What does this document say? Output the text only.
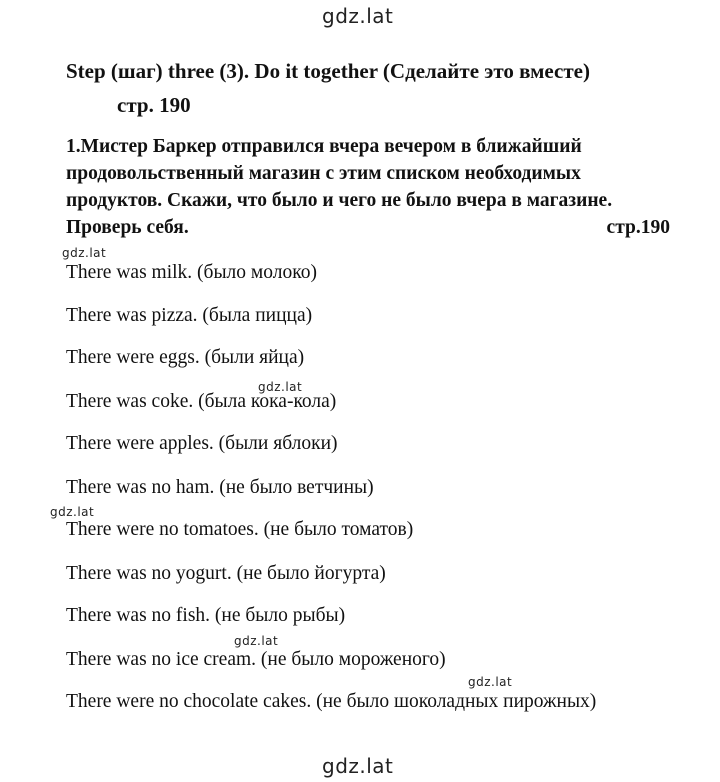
gdz.lat
Step (шаг) three (3). Do it together (Сделайте это вместе)
стр. 190
1.Мистер Баркер отправился вчера вечером в ближайший
продовольственный магазин с этим списком необходимых
продуктов. Скажи, что было и чего не было вчера в магазине.
Проверь себя.	стр.190
gdz.lat
There was milk. (было молоко)
There was pizza. (была пицца)
There were eggs. (были яйца)
gdz.lat
There was coke. (была кока-кола)
There were apples. (были яблоки)
There was no ham. (не было ветчины)
gdz.lat
There were no tomatoes. (не было томатов)
There was no yogurt. (не было йогурта)
There was no fish. (не было рыбы)
gdz.lat
There was no ice cream. (не было мороженого)
gdz.lat
There were no chocolate cakes. (не было шоколадных пирожных)
gdz.lat
